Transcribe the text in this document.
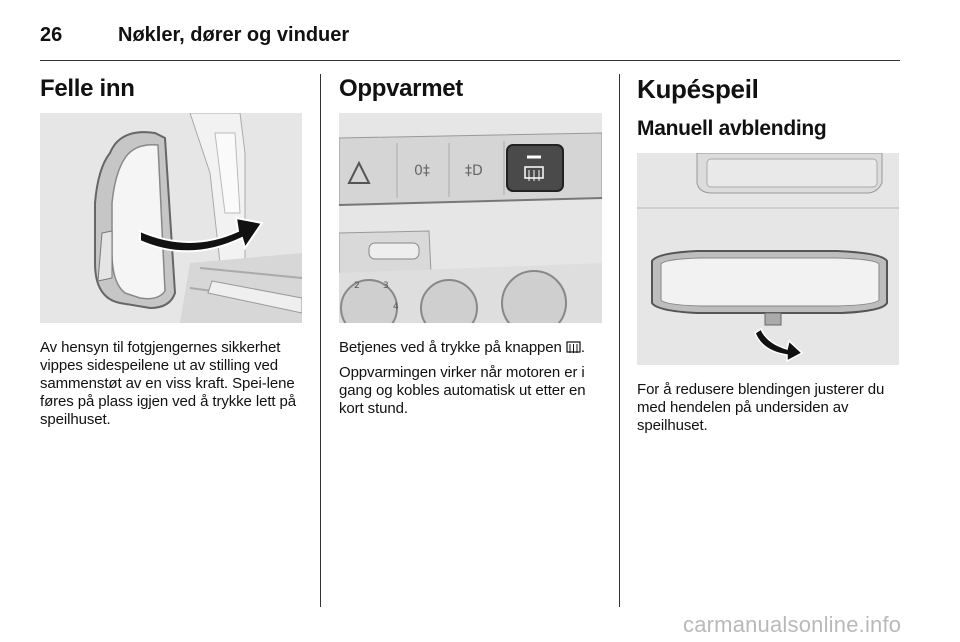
26	Nøkler, dører og vinduer
Felle inn

Av hensyn til fotgjengernes sikkerhet vippes sidespeilene ut av stilling ved sammenstøt av en viss kraft. Spei-lene føres på plass igjen ved å trykke lett på speilhuset.

Oppvarmet
0‡	‡D
2	3
4

Betjenes ved å trykke på knappen .

Oppvarmingen virker når motoren er i gang og kobles automatisk ut etter en kort stund.

Kupéspeil
Manuell avblending

For å redusere blendingen justerer du med hendelen på undersiden av speilhuset.

carmanualsonline.info
